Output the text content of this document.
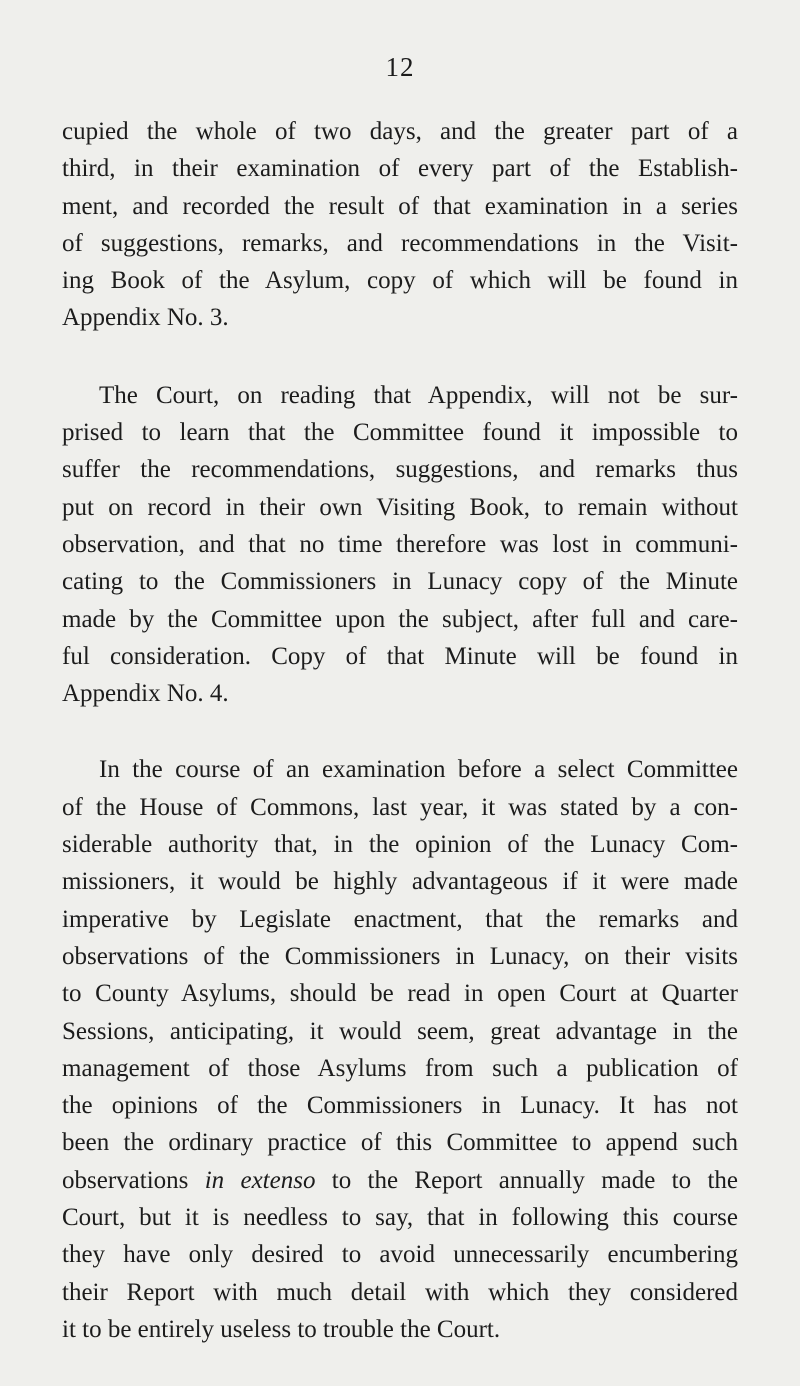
12
cupied the whole of two days, and the greater part of a
third, in their examination of every part of the Establish-
ment, and recorded the result of that examination in a series
of suggestions, remarks, and recommendations in the Visit-
ing Book of the Asylum, copy of which will be found in
Appendix No. 3.
The Court, on reading that Appendix, will not be sur-
prised to learn that the Committee found it impossible to
suffer the recommendations, suggestions, and remarks thus
put on record in their own Visiting Book, to remain without
observation, and that no time therefore was lost in communi-
cating to the Commissioners in Lunacy copy of the Minute
made by the Committee upon the subject, after full and care-
ful consideration. Copy of that Minute will be found in
Appendix No. 4.
In the course of an examination before a select Committee
of the House of Commons, last year, it was stated by a con-
siderable authority that, in the opinion of the Lunacy Com-
missioners, it would be highly advantageous if it were made
imperative by Legislate enactment, that the remarks and
observations of the Commissioners in Lunacy, on their visits
to County Asylums, should be read in open Court at Quarter
Sessions, anticipating, it would seem, great advantage in the
management of those Asylums from such a publication of
the opinions of the Commissioners in Lunacy. It has not
been the ordinary practice of this Committee to append such
observations in extenso to the Report annually made to the
Court, but it is needless to say, that in following this course
they have only desired to avoid unnecessarily encumbering
their Report with much detail with which they considered
it to be entirely useless to trouble the Court.
